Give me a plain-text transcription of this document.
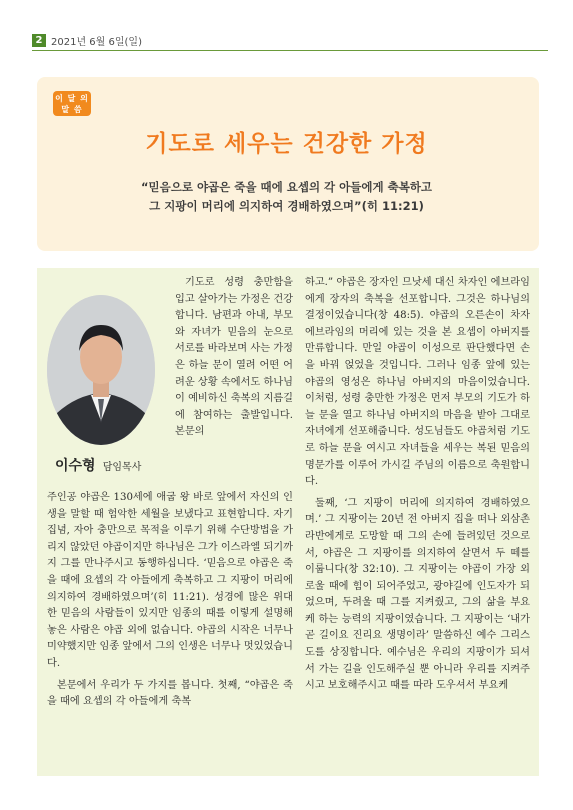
2 2021년 6월 6일(일)
이 달 의
말 씀
기도로 세우는 건강한 가정
“믿음으로 야곱은 죽을 때에 요셉의 각 아들에게 축복하고
그 지팡이 머리에 의지하여 경배하였으며”(히 11:21)
이수형 담임목사

기도로 성령 충만함을 입고 살아가는 가정은 건강합니다. 남편과 아내, 부모와 자녀가 믿음의 눈으로 서로를 바라보며 사는 가정은 하늘 문이 열려 어떤 어려운 상황 속에서도 하나님이 예비하신 축복의 지름길에 참여하는 출발입니다. 본문의

주인공 야곱은 130세에 애굽 왕 바로 앞에서 자신의 인생을 말할 때 험악한 세월을 보냈다고 표현합니다. 자기 집념, 자아 충만으로 목적을 이루기 위해 수단방법을 가리지 않았던 야곱이지만 하나님은 그가 이스라엘 되기까지 그를 만나주시고 동행하십니다. ‘믿음으로 야곱은 죽을 때에 요셉의 각 아들에게 축복하고 그 지팡이 머리에 의지하여 경배하였으며’(히 11:21). 성경에 많은 위대한 믿음의 사람들이 있지만 임종의 때를 이렇게 설명해 놓은 사람은 야곱 외에 없습니다. 야곱의 시작은 너무나 미약했지만 임종 앞에서 그의 인생은 너무나 멋있었습니다.

본문에서 우리가 두 가지를 봅니다. 첫째, “야곱은 죽을 때에 요셉의 각 아들에게 축복

하고.” 야곱은 장자인 므낫세 대신 차자인 에브라임에게 장자의 축복을 선포합니다. 그것은 하나님의 결정이었습니다(창 48:5). 야곱의 오른손이 차자 에브라임의 머리에 있는 것을 본 요셉이 아버지를 만류합니다. 만일 야곱이 이성으로 판단했다면 손을 바꿔 얹었을 것입니다. 그러나 임종 앞에 있는 야곱의 영성은 하나님 아버지의 마음이었습니다. 이처럼, 성령 충만한 가정은 먼저 부모의 기도가 하늘 문을 열고 하나님 아버지의 마음을 받아 그대로 자녀에게 선포해줍니다. 성도님들도 야곱처럼 기도로 하늘 문을 여시고 자녀들을 세우는 복된 믿음의 명문가를 이루어 가시길 주님의 이름으로 축원합니다.

둘째, ‘그 지팡이 머리에 의지하여 경배하였으며.’ 그 지팡이는 20년 전 아버지 집을 떠나 외삼촌 라반에게로 도망할 때 그의 손에 들려있던 것으로서, 야곱은 그 지팡이를 의지하여 살면서 두 떼를 이룹니다(창 32:10). 그 지팡이는 야곱이 가장 외로울 때에 힘이 되어주었고, 광야길에 인도자가 되었으며, 두려울 때 그를 지켜줬고, 그의 삶을 부요케 하는 능력의 지팡이였습니다. 그 지팡이는 ‘내가 곧 길이요 진리요 생명이라’ 말씀하신 예수 그리스도를 상징합니다. 예수님은 우리의 지팡이가 되셔서 가는 길을 인도해주실 뿐 아니라 우리를 지켜주시고 보호해주시고 때를 따라 도우셔서 부요케
